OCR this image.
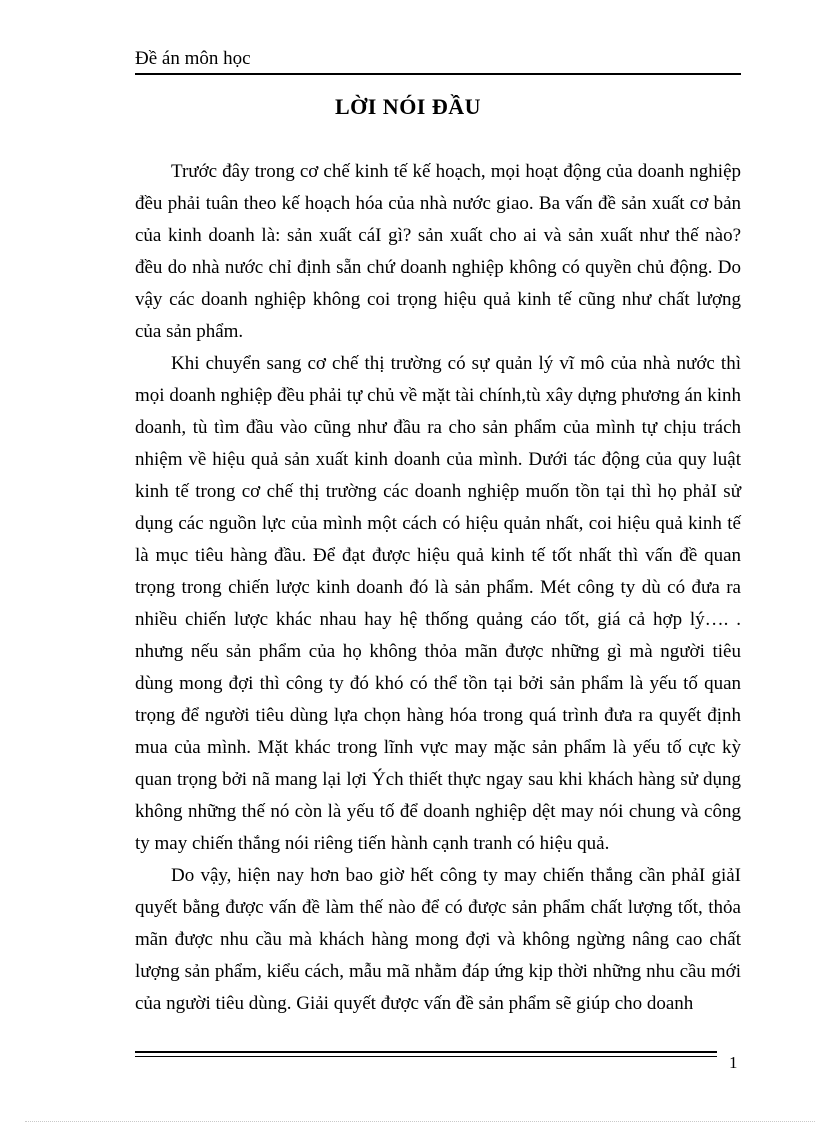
Đề án môn học
LỜI NÓI ĐẦU

Trước đây trong cơ chế kinh tế kế hoạch, mọi hoạt động của doanh nghiệp đều phải tuân theo kế hoạch hóa của nhà nước giao. Ba vấn đề sản xuất cơ bản của kinh doanh là: sản xuất cáI gì? sản xuất cho ai và sản xuất như thế nào? đều do nhà nước chỉ định sẵn chứ doanh nghiệp không có quyền chủ động. Do vậy các doanh nghiệp không coi trọng hiệu quả kinh tế cũng như chất lượng của sản phẩm.

Khi chuyển sang cơ chế thị trường có sự quản lý vĩ mô của nhà nước thì mọi doanh nghiệp đều phải tự chủ về mặt tài chính,tù xây dựng phương án kinh doanh, tù tìm đầu vào cũng như đầu ra cho sản phẩm của mình tự chịu trách nhiệm về hiệu quả sản xuất kinh doanh của mình. Dưới tác động của quy luật kinh tế trong cơ chế thị trường các doanh nghiệp muốn tồn tại thì họ phảI sử dụng các nguồn lực của mình một cách có hiệu quản nhất, coi hiệu quả kinh tế là mục tiêu hàng đầu. Để đạt được hiệu quả kinh tế tốt nhất thì vấn đề quan trọng trong chiến lược kinh doanh đó là sản phẩm. Mét công ty dù có đưa ra nhiều chiến lược khác nhau hay hệ thống quảng cáo tốt, giá cả hợp lý…. . nhưng nếu sản phẩm của họ không thỏa mãn được những gì mà người tiêu dùng mong đợi thì công ty đó khó có thể tồn tại bởi sản phẩm là yếu tố quan trọng để người tiêu dùng lựa chọn hàng hóa trong quá trình đưa ra quyết định mua của mình. Mặt khác trong lĩnh vực may mặc sản phẩm là yếu tố cực kỳ quan trọng bởi nã mang lại lợi Ých thiết thực ngay sau khi khách hàng sử dụng không những thế nó còn là yếu tố để doanh nghiệp dệt may nói chung và công ty may chiến thắng nói riêng tiến hành cạnh tranh có hiệu quả.

Do vậy, hiện nay hơn bao giờ hết công ty may chiến thắng cần phảI giảI quyết bằng được vấn đề làm thế nào để có được sản phẩm chất lượng tốt, thỏa mãn được nhu cầu mà khách hàng mong đợi và không ngừng nâng cao chất lượng sản phẩm, kiểu cách, mẫu mã nhằm đáp ứng kịp thời những nhu cầu mới của người tiêu dùng. Giải quyết được vấn đề sản phẩm sẽ giúp cho doanh

1
